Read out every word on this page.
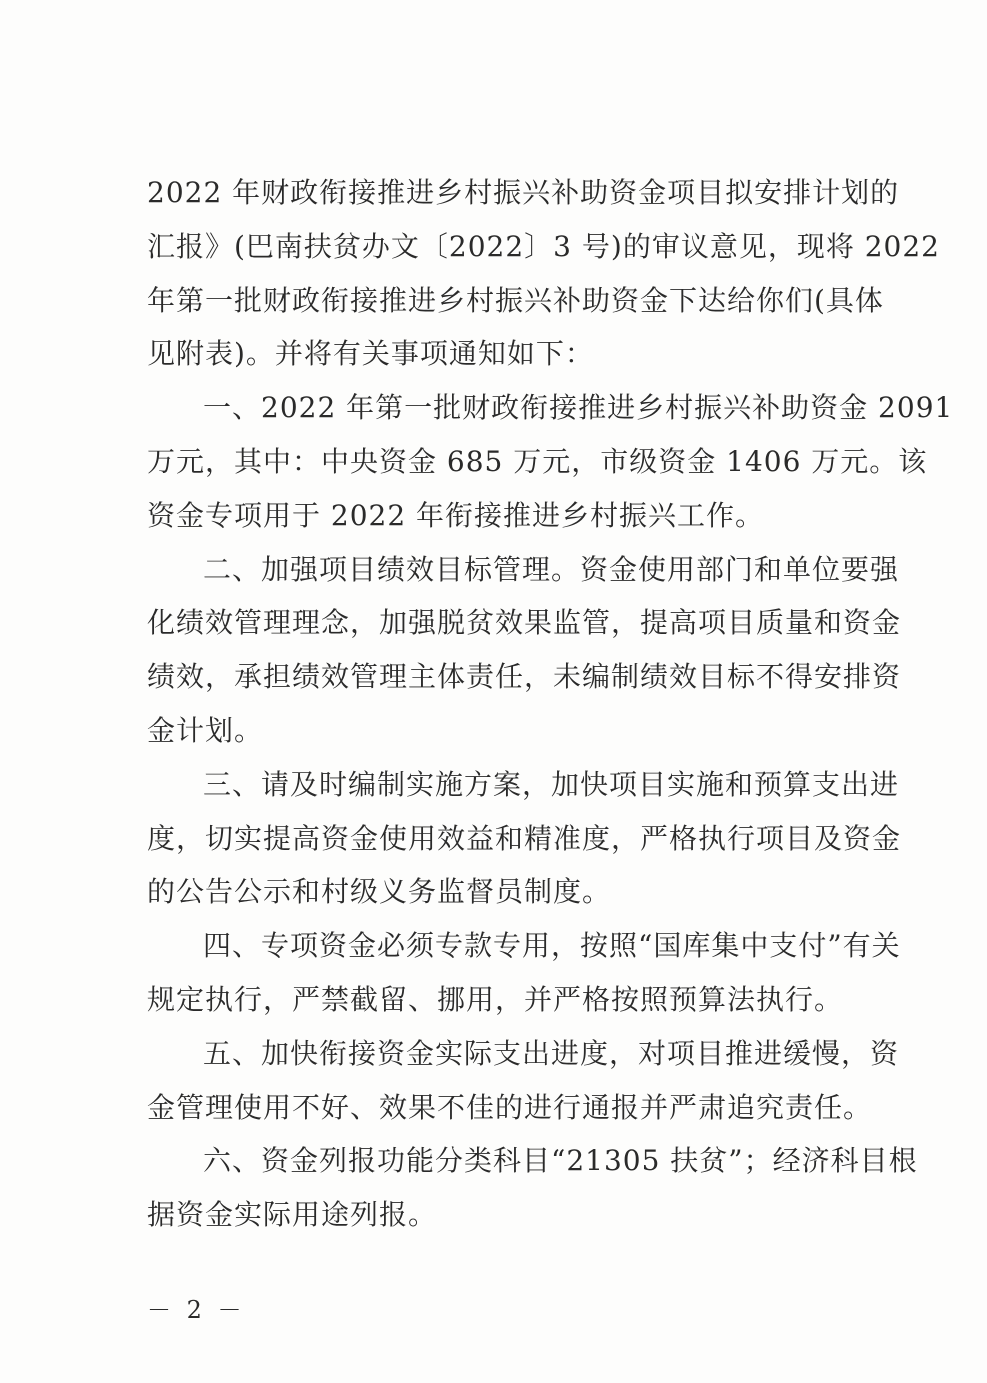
2022 年财政衔接推进乡村振兴补助资金项目拟安排计划的
汇报》(巴南扶贫办文〔2022〕3 号)的审议意见，现将 2022
年第一批财政衔接推进乡村振兴补助资金下达给你们(具体
见附表)。并将有关事项通知如下：
一、2022 年第一批财政衔接推进乡村振兴补助资金 2091
万元，其中：中央资金 685 万元，市级资金 1406 万元。该
资金专项用于 2022 年衔接推进乡村振兴工作。
二、加强项目绩效目标管理。资金使用部门和单位要强
化绩效管理理念，加强脱贫效果监管，提高项目质量和资金
绩效，承担绩效管理主体责任，未编制绩效目标不得安排资
金计划。
三、请及时编制实施方案，加快项目实施和预算支出进
度，切实提高资金使用效益和精准度，严格执行项目及资金
的公告公示和村级义务监督员制度。
四、专项资金必须专款专用，按照“国库集中支付”有关
规定执行，严禁截留、挪用，并严格按照预算法执行。
五、加快衔接资金实际支出进度，对项目推进缓慢，资
金管理使用不好、效果不佳的进行通报并严肃追究责任。
六、资金列报功能分类科目“21305 扶贫”；经济科目根
据资金实际用途列报。
－ 2 －
